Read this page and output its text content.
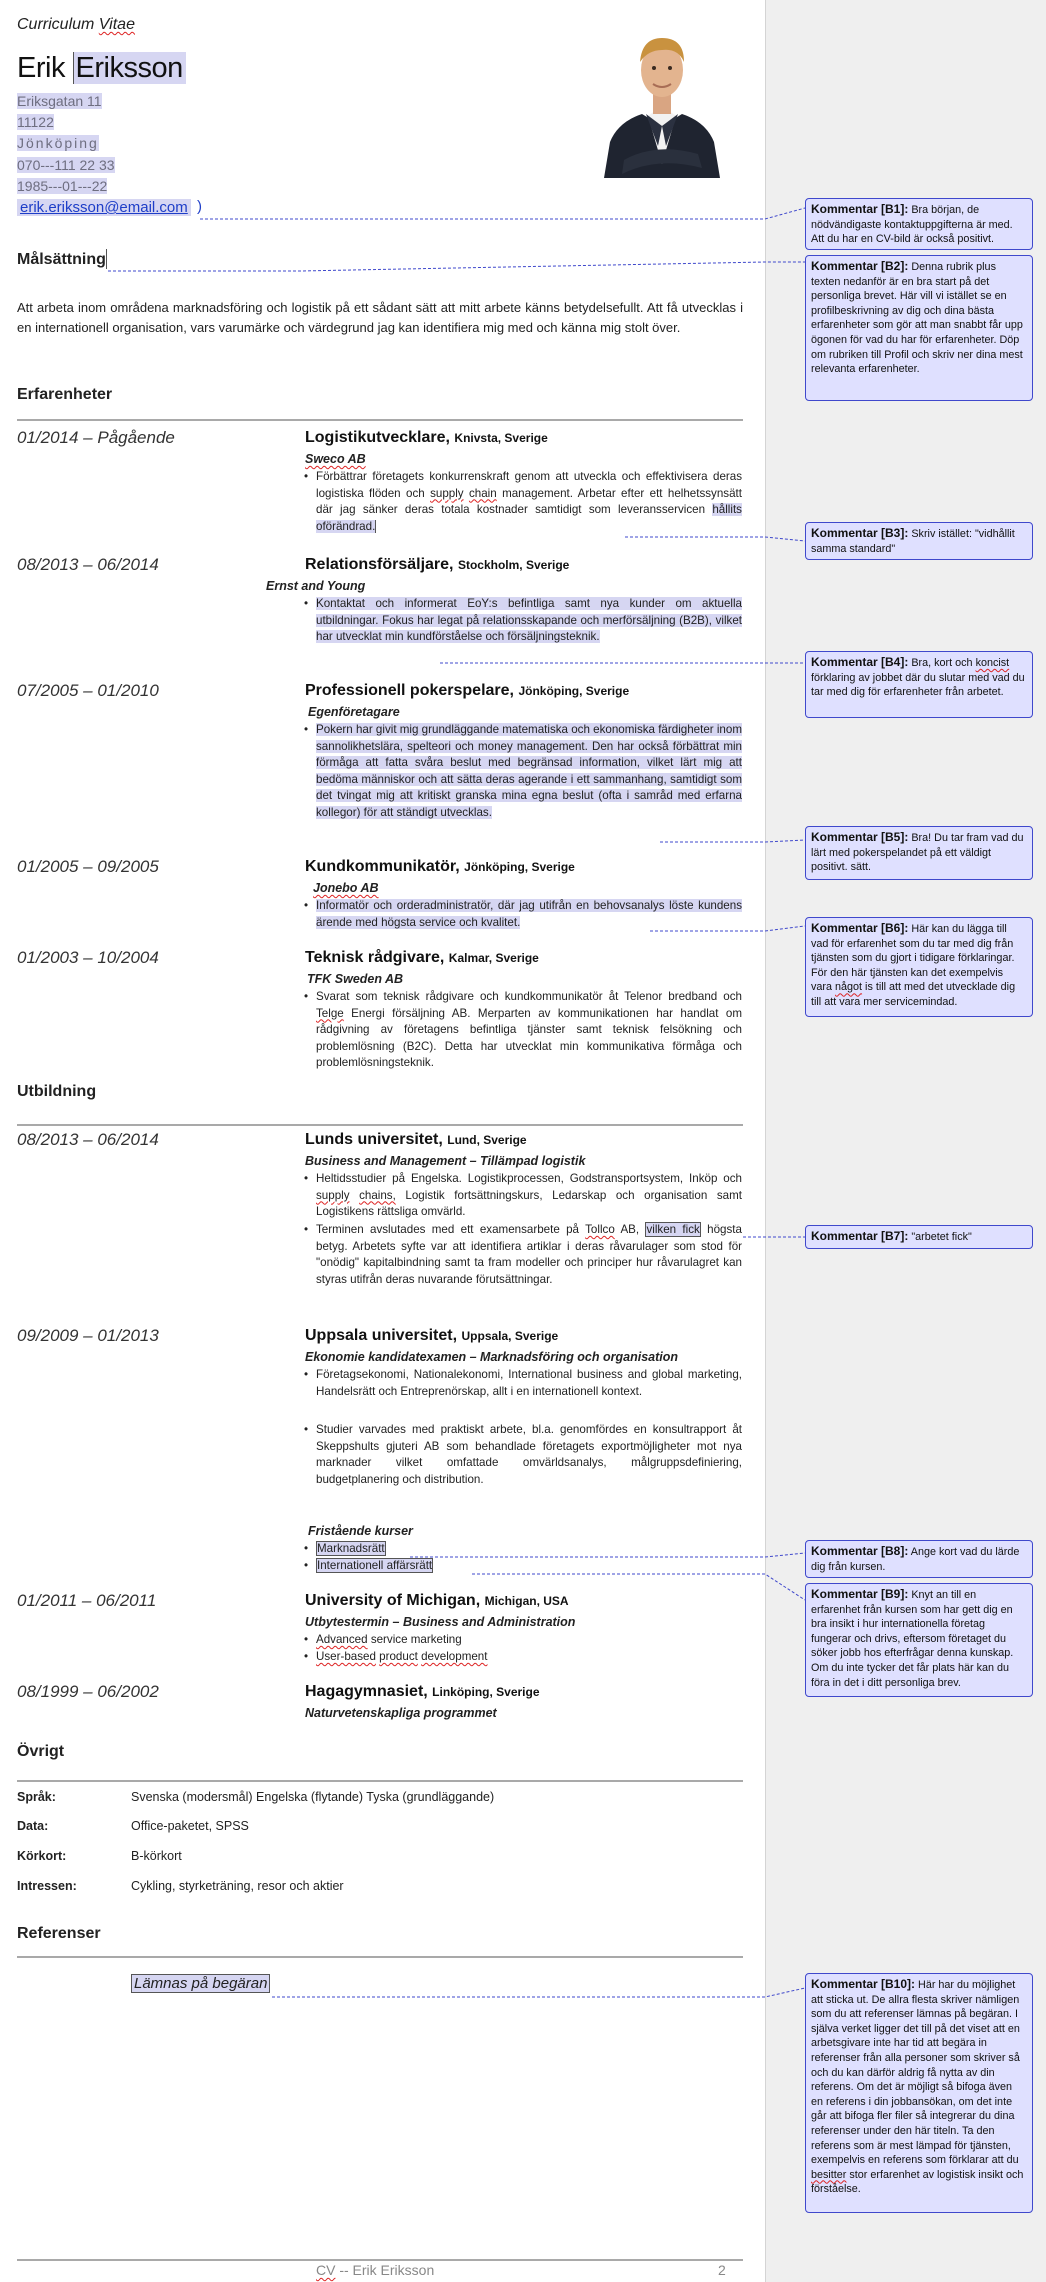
Curriculum Vitae
Erik Eriksson
Eriksgatan 11
11122
Jönköping
070---111 22 33
1985---01---22
erik.eriksson@email.com )
Målsättning
Att arbeta inom områdena marknadsföring och logistik på ett sådant sätt att mitt arbete känns betydelsefullt. Att få utvecklas i en internationell organisation, vars varumärke och värdegrund jag kan identifiera mig med och känna mig stolt över.
Erfarenheter
01/2014 – Pågående	Logistikutvecklare, Knivsta, Sverige
Sweco AB
• Förbättrar företagets konkurrenskraft genom att utveckla och effektivisera deras logistiska flöden och supply chain management. Arbetar efter ett helhetssynsätt där jag sänker deras totala kostnader samtidigt som leveransservicen hållits oförändrad.
08/2013 – 06/2014	Relationsförsäljare, Stockholm, Sverige
Ernst and Young
• Kontaktat och informerat EoY:s befintliga samt nya kunder om aktuella utbildningar. Fokus har legat på relationsskapande och merförsäljning (B2B), vilket har utvecklat min kundförståelse och försäljningsteknik.
07/2005 – 01/2010	Professionell pokerspelare, Jönköping, Sverige
Egenföretagare
• Pokern har givit mig grundläggande matematiska och ekonomiska färdigheter inom sannolikhetslära, spelteori och money management. Den har också förbättrat min förmåga att fatta svåra beslut med begränsad information, vilket lärt mig att bedöma människor och att sätta deras agerande i ett sammanhang, samtidigt som det tvingat mig att kritiskt granska mina egna beslut (ofta i samråd med erfarna kollegor) för att ständigt utvecklas.
01/2005 – 09/2005	Kundkommunikatör, Jönköping, Sverige
Jonebo AB
• Informatör och orderadministratör, där jag utifrån en behovsanalys löste kundens ärende med högsta service och kvalitet.
01/2003 – 10/2004	Teknisk rådgivare, Kalmar, Sverige
TFK Sweden AB
• Svarat som teknisk rådgivare och kundkommunikatör åt Telenor bredband och Telge Energi försäljning AB. Merparten av kommunikationen har handlat om rådgivning av företagens befintliga tjänster samt teknisk felsökning och problemlösning (B2C). Detta har utvecklat min kommunikativa förmåga och problemlösningsteknik.
Utbildning
08/2013 – 06/2014	Lunds universitet, Lund, Sverige
Business and Management – Tillämpad logistik
• Heltidsstudier på Engelska. Logistikprocessen, Godstransportsystem, Inköp och supply chains, Logistik fortsättningskurs, Ledarskap och organisation samt Logistikens rättsliga omvärld.
• Terminen avslutades med ett examensarbete på Tollco AB, vilken fick högsta betyg. Arbetets syfte var att identifiera artiklar i deras råvarulager som stod för "onödig" kapitalbindning samt ta fram modeller och principer hur råvarulagret kan styras utifrån deras nuvarande förutsättningar.
09/2009 – 01/2013	Uppsala universitet, Uppsala, Sverige
Ekonomie kandidatexamen – Marknadsföring och organisation
• Företagsekonomi, Nationalekonomi, International business and global marketing, Handelsrätt och Entreprenörskap, allt i en internationell kontext.
• Studier varvades med praktiskt arbete, bl.a. genomfördes en konsultrapport åt Skeppshults gjuteri AB som behandlade företagets exportmöjligheter mot nya marknader vilket omfattade omvärldsanalys, målgruppsdefiniering, budgetplanering och distribution.
Fristående kurser
• Marknadsrätt
• Internationell affärsrätt
01/2011 – 06/2011	University of Michigan, Michigan, USA
Utbytestermin – Business and Administration
• Advanced service marketing
• User-based product development
08/1999 – 06/2002	Hagagymnasiet, Linköping, Sverige
Naturvetenskapliga programmet
Övrigt
Språk:	Svenska (modersmål) Engelska (flytande) Tyska (grundläggande)
Data:	Office-paketet, SPSS
Körkort:	B-körkort
Intressen:	Cykling, styrketräning, resor och aktier
Referenser
Lämnas på begäran
CV -- Erik Eriksson	2
Kommentar [B1]: Bra början, de nödvändigaste kontaktuppgifterna är med. Att du har en CV-bild är också positivt.
Kommentar [B2]: Denna rubrik plus texten nedanför är en bra start på det personliga brevet. Här vill vi istället se en profilbeskrivning av dig och dina bästa erfarenheter som gör att man snabbt får upp ögonen för vad du har för erfarenheter. Döp om rubriken till Profil och skriv ner dina mest relevanta erfarenheter.
Kommentar [B3]: Skriv istället: "vidhållit samma standard"
Kommentar [B4]: Bra, kort och koncist förklaring av jobbet där du slutar med vad du tar med dig för erfarenheter från arbetet.
Kommentar [B5]: Bra! Du tar fram vad du lärt med pokerspelandet på ett väldigt positivt. sätt.
Kommentar [B6]: Här kan du lägga till vad för erfarenhet som du tar med dig från tjänsten som du gjort i tidigare förklaringar. För den här tjänsten kan det exempelvis vara något is till att med det utvecklade dig till att vara mer servicemindad.
Kommentar [B7]: "arbetet fick"
Kommentar [B8]: Ange kort vad du lärde dig från kursen.
Kommentar [B9]: Knyt an till en erfarenhet från kursen som har gett dig en bra insikt i hur internationella företag fungerar och drivs, eftersom företaget du söker jobb hos efterfrågar denna kunskap. Om du inte tycker det får plats här kan du föra in det i ditt personliga brev.
Kommentar [B10]: Här har du möjlighet att sticka ut. De allra flesta skriver nämligen som du att referenser lämnas på begäran. I själva verket ligger det till på det viset att en arbetsgivare inte har tid att begära in referenser från alla personer som skriver så och du kan därför aldrig få nytta av din referens. Om det är möjligt så bifoga även en referens i din jobbansökan, om det inte går att bifoga fler filer så integrerar du dina referenser under den här titeln. Ta den referens som är mest lämpad för tjänsten, exempelvis en referens som förklarar att du besitter stor erfarenhet av logistisk insikt och förståelse.
